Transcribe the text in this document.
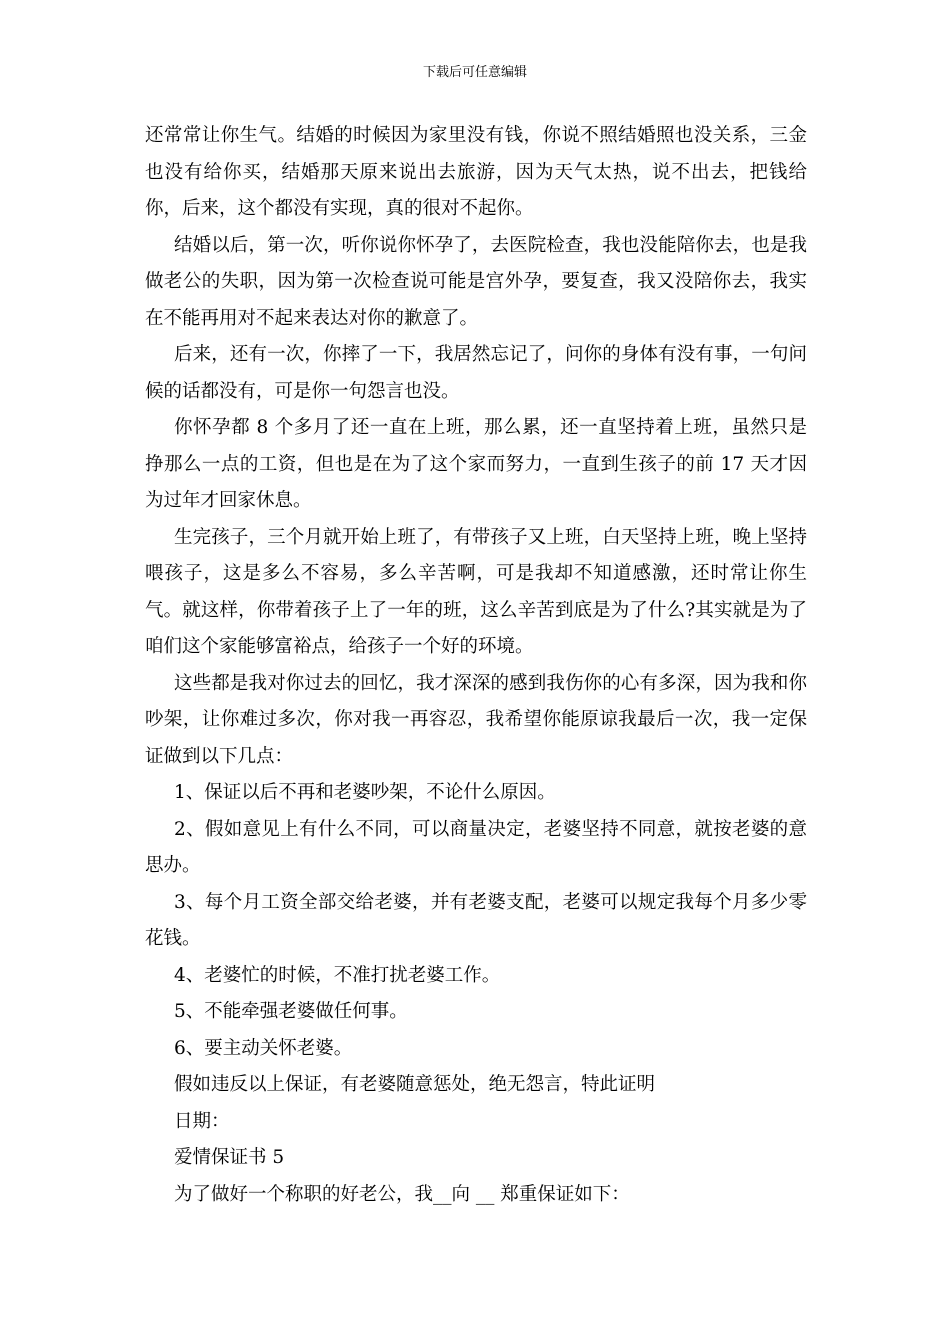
下载后可任意编辑

还常常让你生气。结婚的时候因为家里没有钱，你说不照结婚照也没关系，三金也没有给你买，结婚那天原来说出去旅游，因为天气太热，说不出去，把钱给你，后来，这个都没有实现，真的很对不起你。

结婚以后，第一次，听你说你怀孕了，去医院检查，我也没能陪你去，也是我做老公的失职，因为第一次检查说可能是宫外孕，要复查，我又没陪你去，我实在不能再用对不起来表达对你的歉意了。

后来，还有一次，你摔了一下，我居然忘记了，问你的身体有没有事，一句问候的话都没有，可是你一句怨言也没。

你怀孕都 8 个多月了还一直在上班，那么累，还一直坚持着上班，虽然只是挣那么一点的工资，但也是在为了这个家而努力，一直到生孩子的前 17 天才因为过年才回家休息。

生完孩子，三个月就开始上班了，有带孩子又上班，白天坚持上班，晚上坚持喂孩子，这是多么不容易，多么辛苦啊，可是我却不知道感激，还时常让你生气。就这样，你带着孩子上了一年的班，这么辛苦到底是为了什么?其实就是为了咱们这个家能够富裕点，给孩子一个好的环境。

这些都是我对你过去的回忆，我才深深的感到我伤你的心有多深，因为我和你吵架，让你难过多次，你对我一再容忍，我希望你能原谅我最后一次，我一定保证做到以下几点：

1、保证以后不再和老婆吵架，不论什么原因。

2、假如意见上有什么不同，可以商量决定，老婆坚持不同意，就按老婆的意思办。

3、每个月工资全部交给老婆，并有老婆支配，老婆可以规定我每个月多少零花钱。

4、老婆忙的时候，不准打扰老婆工作。

5、不能牵强老婆做任何事。

6、要主动关怀老婆。

假如违反以上保证，有老婆随意惩处，绝无怨言，特此证明

日期：

爱情保证书 5

为了做好一个称职的好老公，我__向 __ 郑重保证如下：
